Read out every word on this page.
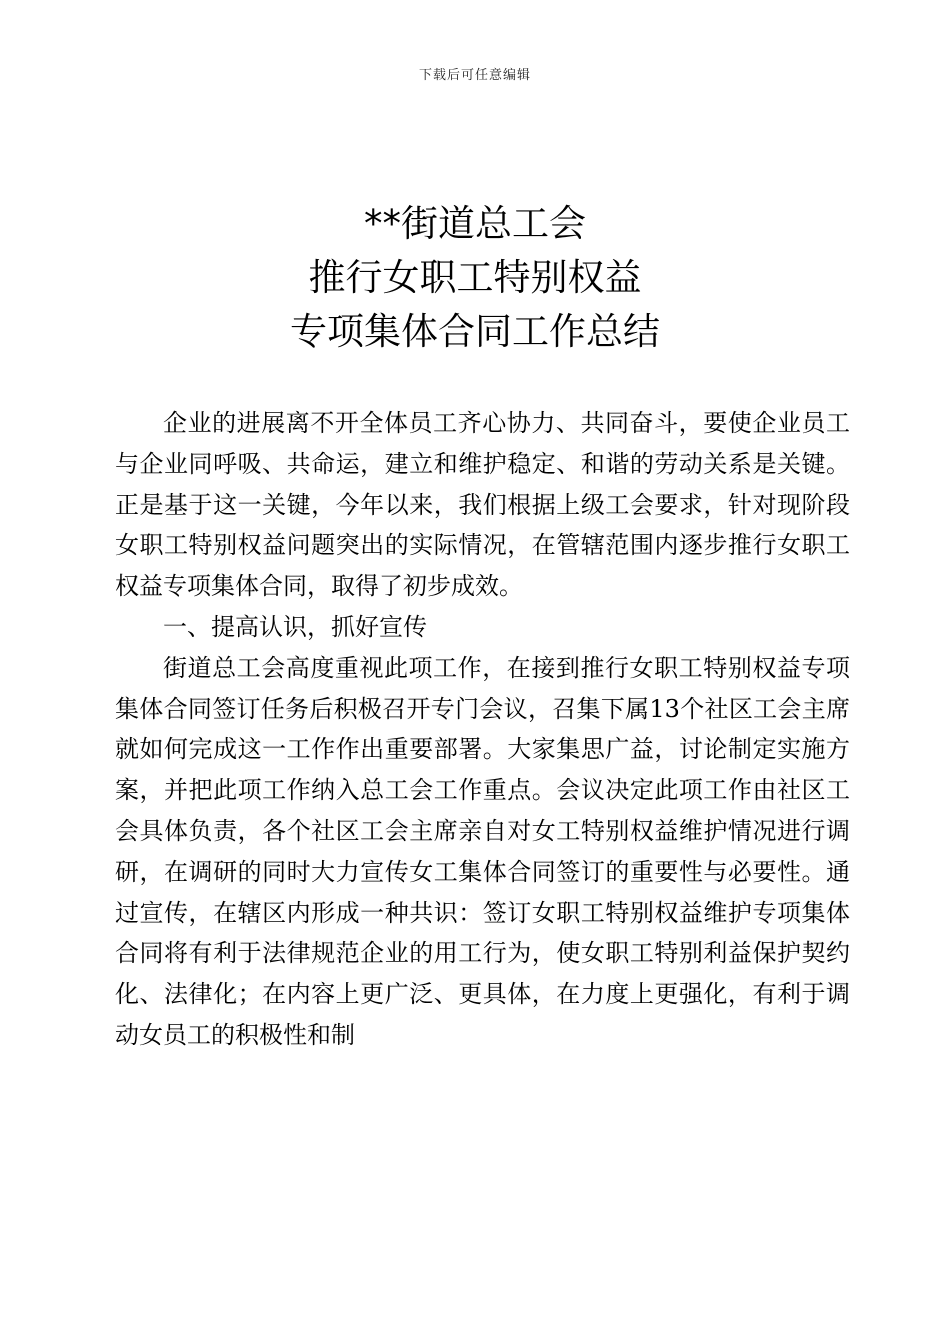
下载后可任意编辑
**街道总工会
推行女职工特别权益
专项集体合同工作总结

企业的进展离不开全体员工齐心协力、共同奋斗，要使企业员工与企业同呼吸、共命运，建立和维护稳定、和谐的劳动关系是关键。正是基于这一关键，今年以来，我们根据上级工会要求，针对现阶段女职工特别权益问题突出的实际情况，在管辖范围内逐步推行女职工权益专项集体合同，取得了初步成效。

一、提高认识，抓好宣传

街道总工会高度重视此项工作，在接到推行女职工特别权益专项集体合同签订任务后积极召开专门会议，召集下属13个社区工会主席就如何完成这一工作作出重要部署。大家集思广益，讨论制定实施方案，并把此项工作纳入总工会工作重点。会议决定此项工作由社区工会具体负责，各个社区工会主席亲自对女工特别权益维护情况进行调研，在调研的同时大力宣传女工集体合同签订的重要性与必要性。通过宣传，在辖区内形成一种共识：签订女职工特别权益维护专项集体合同将有利于法律规范企业的用工行为，使女职工特别利益保护契约化、法律化；在内容上更广泛、更具体，在力度上更强化，有利于调动女员工的积极性和制
